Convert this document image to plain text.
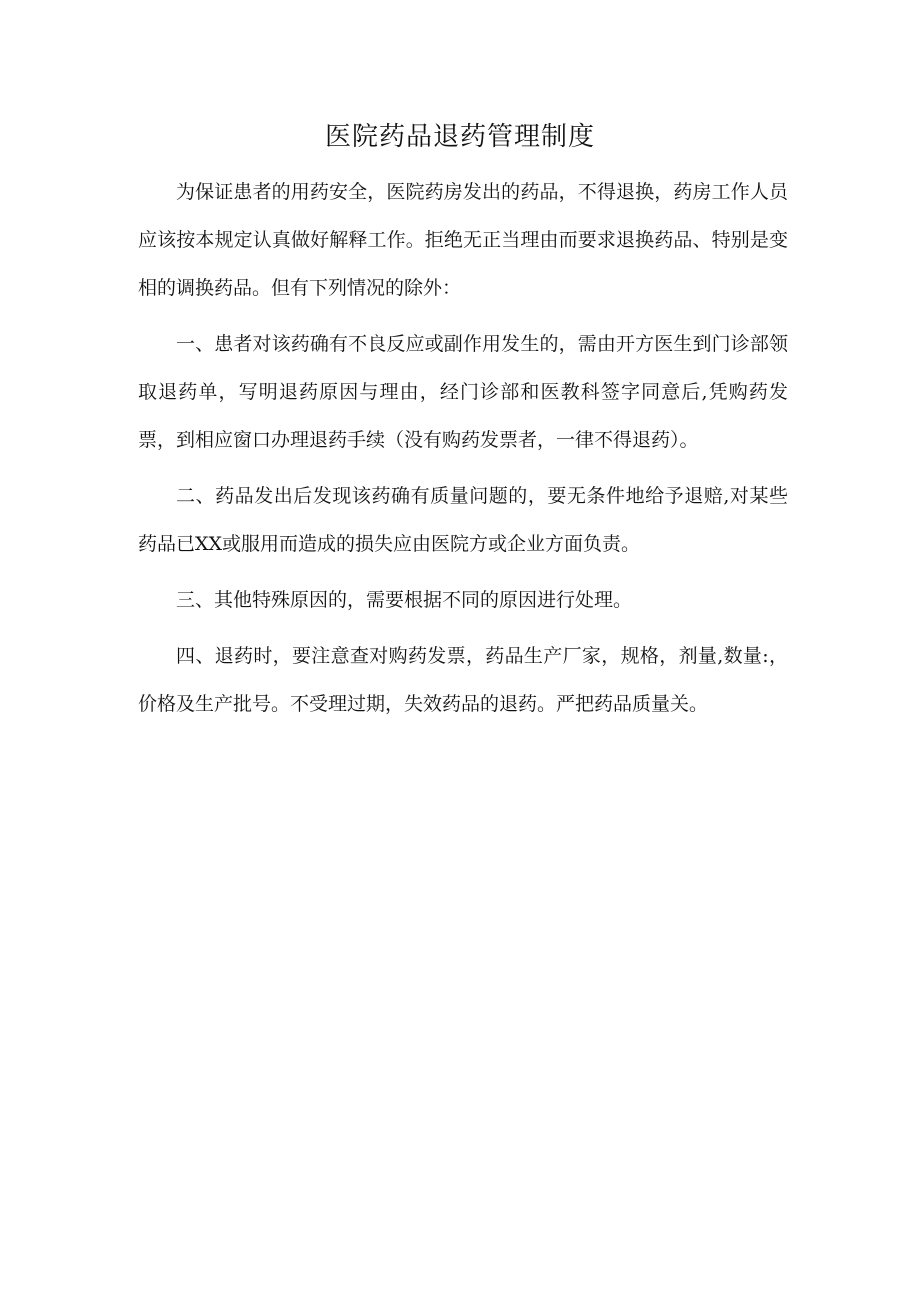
医院药品退药管理制度

为保证患者的用药安全，医院药房发出的药品，不得退换，药房工作人员应该按本规定认真做好解释工作。拒绝无正当理由而要求退换药品、特别是变相的调换药品。但有下列情况的除外：

一、患者对该药确有不良反应或副作用发生的，需由开方医生到门诊部领取退药单，写明退药原因与理由，经门诊部和医教科签字同意后,凭购药发票，到相应窗口办理退药手续（没有购药发票者，一律不得退药）。

二、药品发出后发现该药确有质量问题的，要无条件地给予退赔,对某些药品已XX或服用而造成的损失应由医院方或企业方面负责。

三、其他特殊原因的，需要根据不同的原因进行处理。

四、退药时，要注意查对购药发票，药品生产厂家，规格，剂量,数量:，价格及生产批号。不受理过期，失效药品的退药。严把药品质量关。
